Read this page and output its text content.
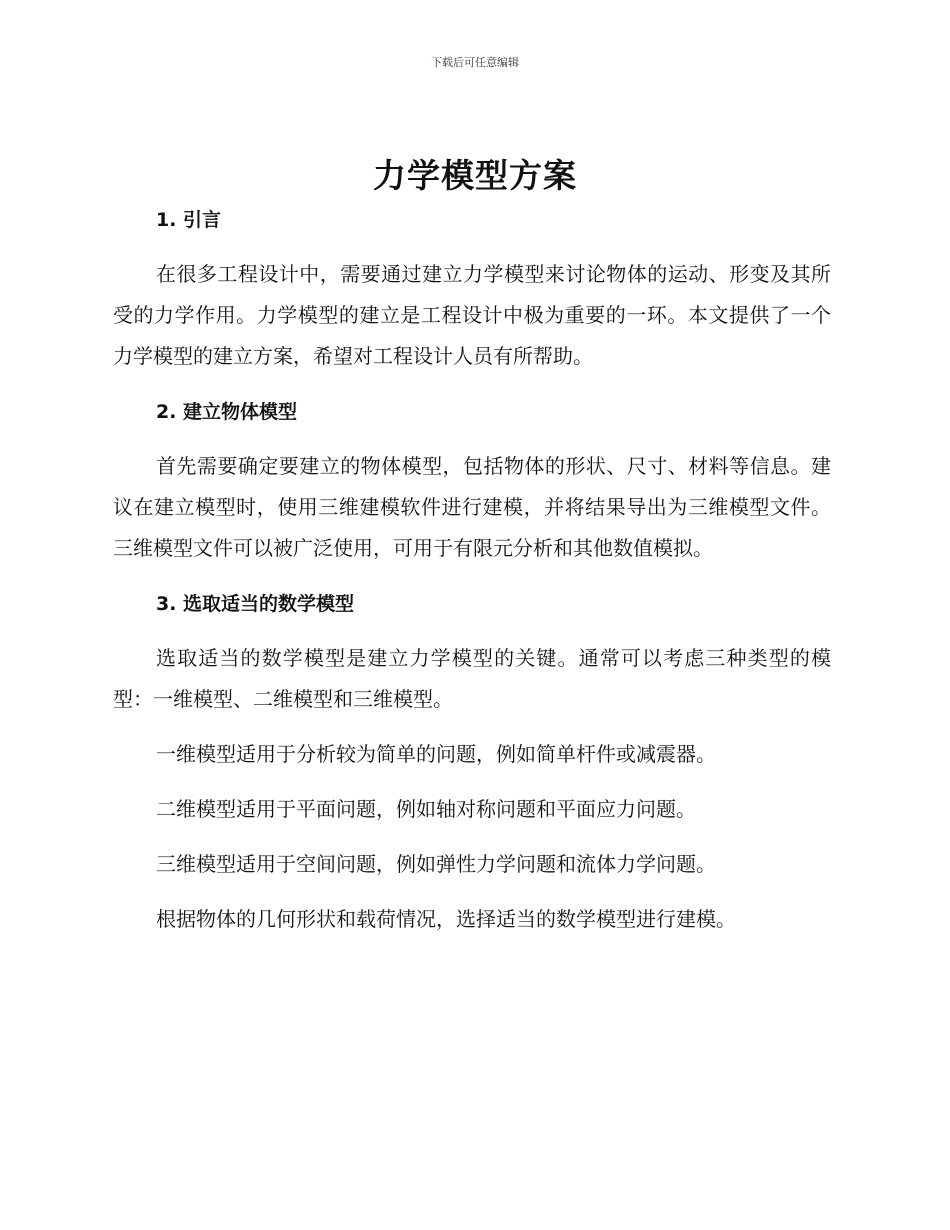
下载后可任意编辑
力学模型方案
1. 引言

在很多工程设计中，需要通过建立力学模型来讨论物体的运动、形变及其所受的力学作用。力学模型的建立是工程设计中极为重要的一环。本文提供了一个力学模型的建立方案，希望对工程设计人员有所帮助。

2. 建立物体模型

首先需要确定要建立的物体模型，包括物体的形状、尺寸、材料等信息。建议在建立模型时，使用三维建模软件进行建模，并将结果导出为三维模型文件。三维模型文件可以被广泛使用，可用于有限元分析和其他数值模拟。

3. 选取适当的数学模型

选取适当的数学模型是建立力学模型的关键。通常可以考虑三种类型的模型：一维模型、二维模型和三维模型。

一维模型适用于分析较为简单的问题，例如简单杆件或减震器。

二维模型适用于平面问题，例如轴对称问题和平面应力问题。

三维模型适用于空间问题，例如弹性力学问题和流体力学问题。

根据物体的几何形状和载荷情况，选择适当的数学模型进行建模。
